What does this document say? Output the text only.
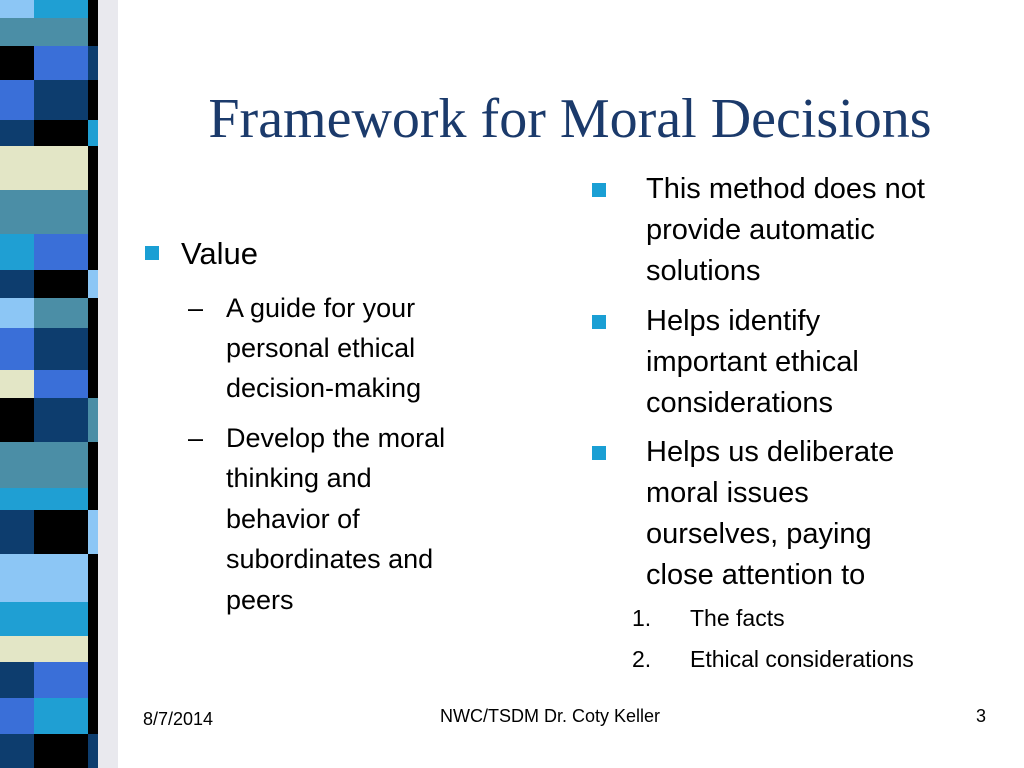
Framework for Moral Decisions

Value

– A guide for your

personal ethical

decision-making

– Develop the moral

thinking and

behavior of

subordinates and

peers

This method does not

provide automatic

solutions

Helps identify

important ethical

considerations

Helps us deliberate

moral issues

ourselves, paying

close attention to

1. The facts
2. Ethical considerations
8/7/2014	NWC/TSDM Dr. Coty Keller	3
